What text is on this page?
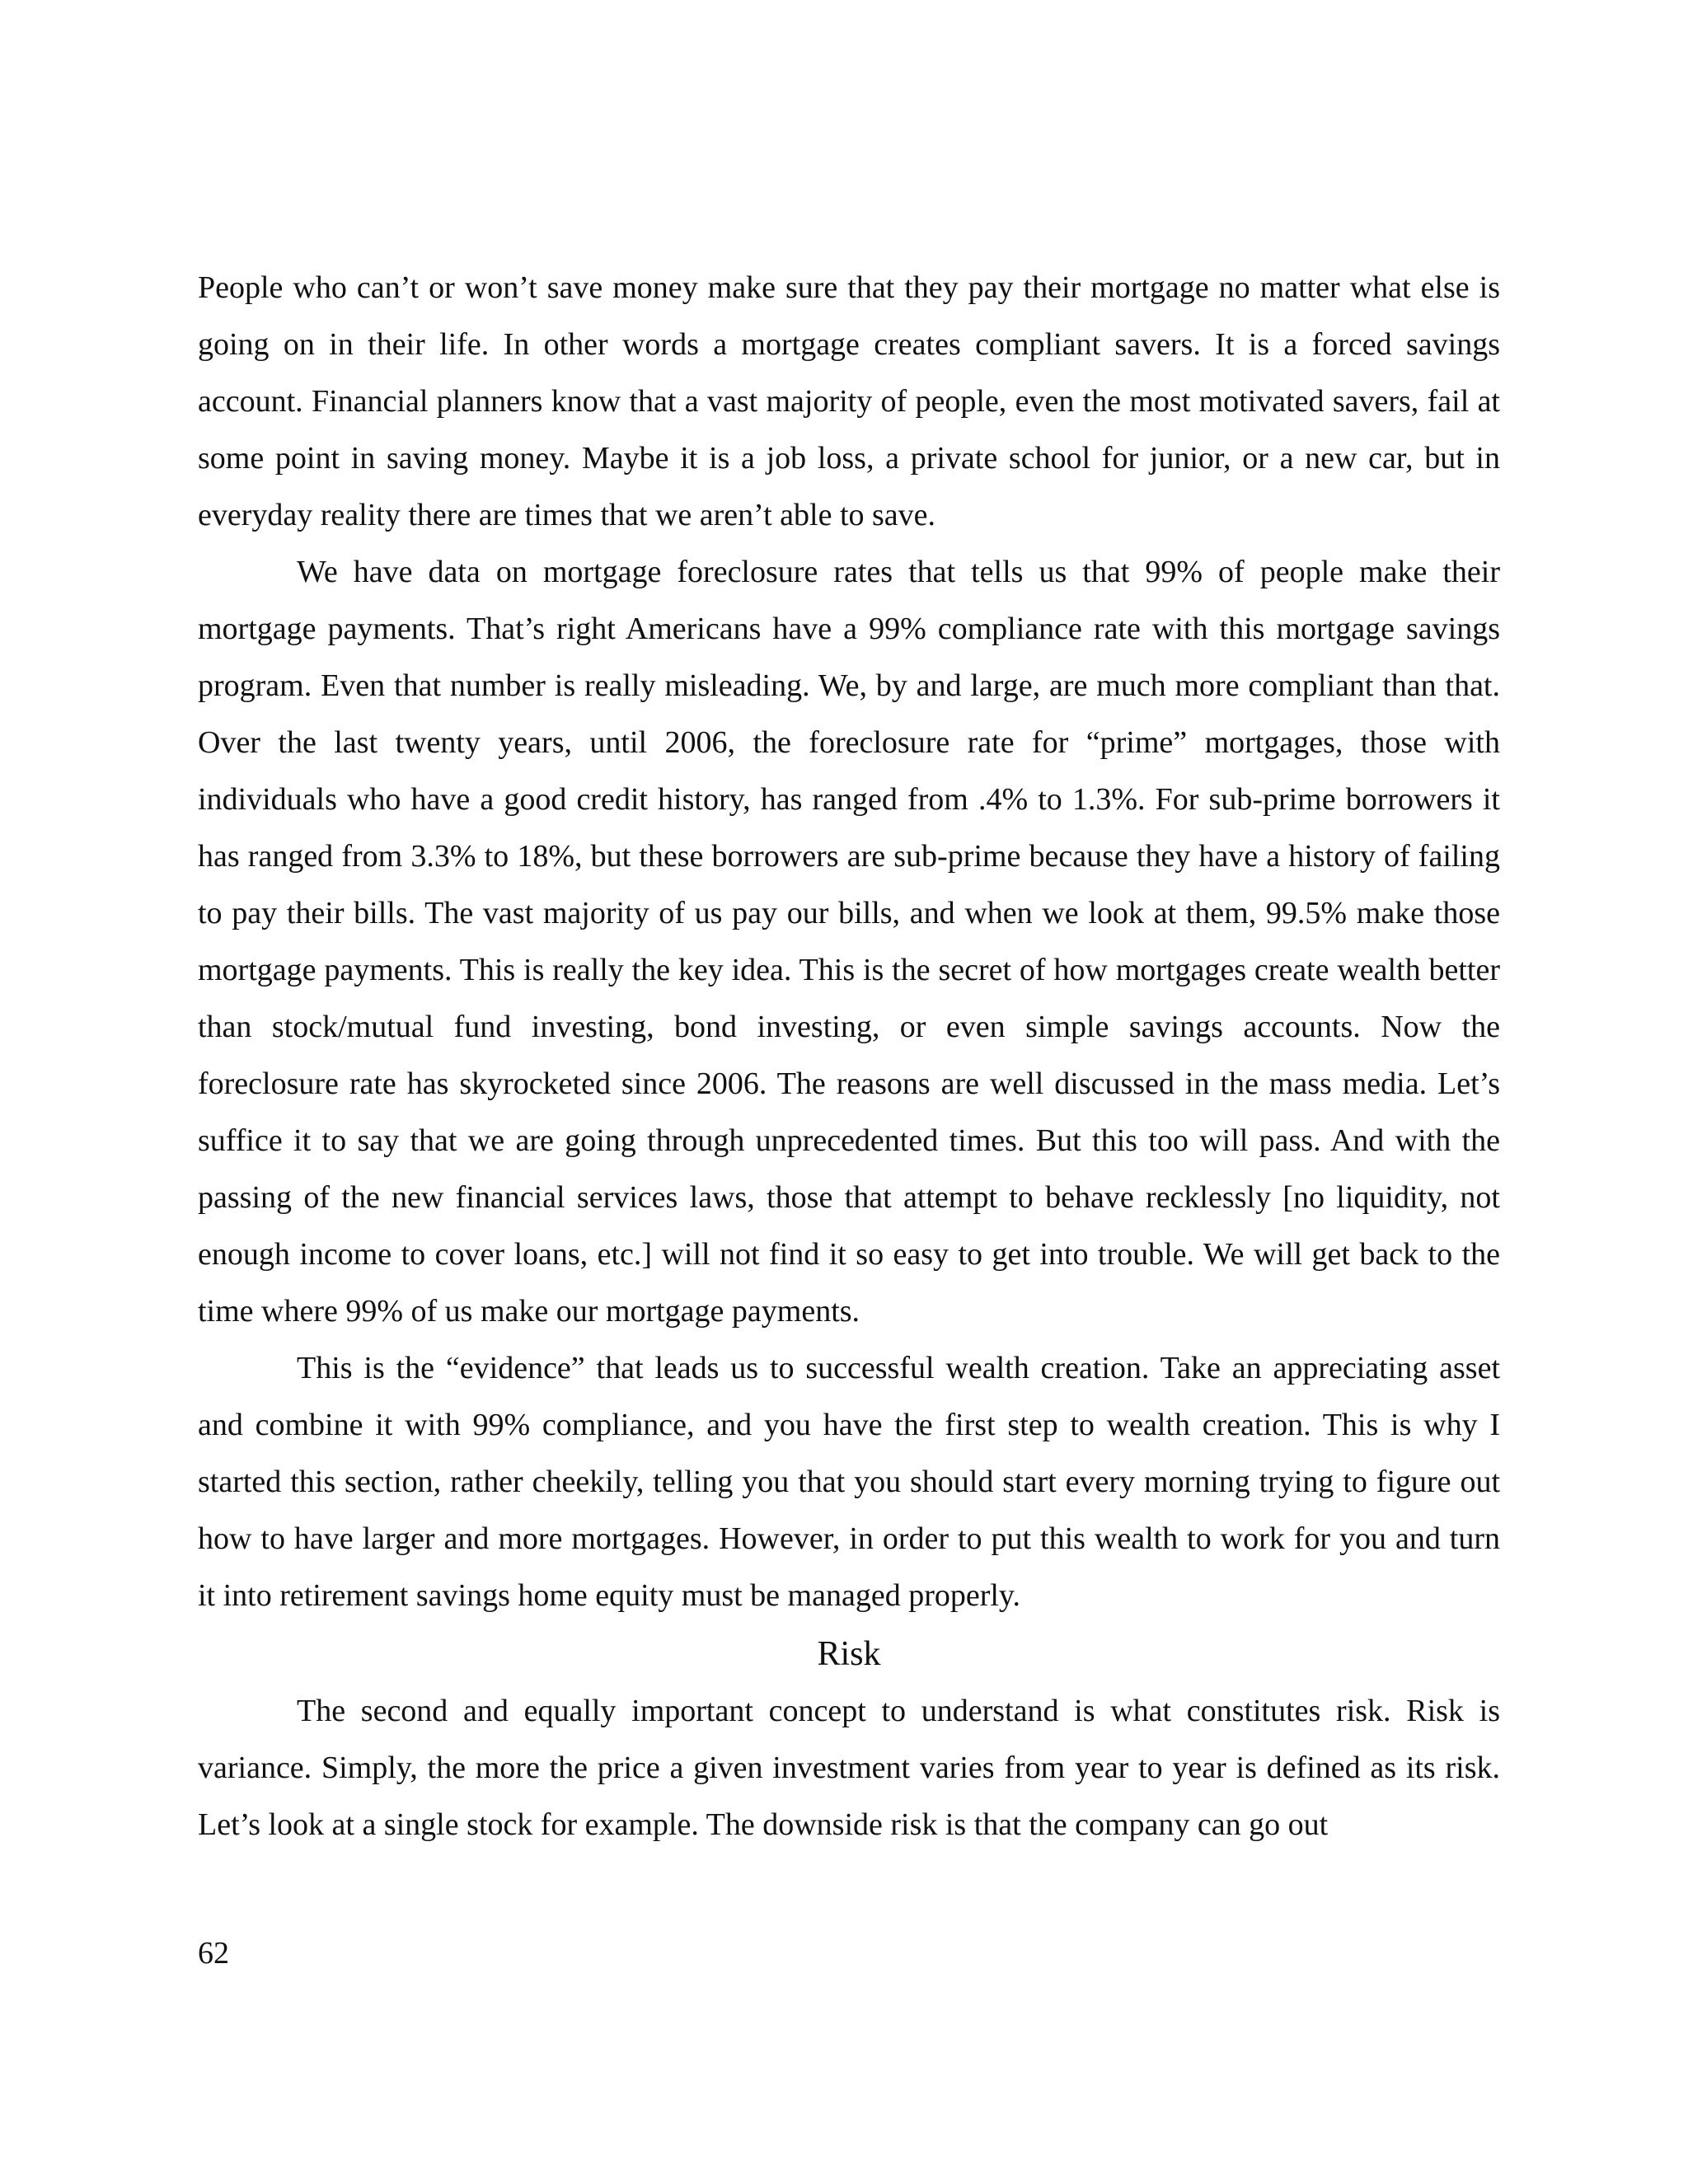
People who can’t or won’t save money make sure that they pay their mortgage no matter what else is going on in their life. In other words a mortgage creates compliant savers. It is a forced savings account. Financial planners know that a vast majority of people, even the most motivated savers, fail at some point in saving money. Maybe it is a job loss, a private school for junior, or a new car, but in everyday reality there are times that we aren’t able to save.

We have data on mortgage foreclosure rates that tells us that 99% of people make their mortgage payments. That’s right Americans have a 99% compliance rate with this mortgage savings program. Even that number is really misleading. We, by and large, are much more compliant than that. Over the last twenty years, until 2006, the foreclosure rate for “prime” mortgages, those with individuals who have a good credit history, has ranged from .4% to 1.3%. For sub-prime borrowers it has ranged from 3.3% to 18%, but these borrowers are sub-prime because they have a history of failing to pay their bills. The vast majority of us pay our bills, and when we look at them, 99.5% make those mortgage payments. This is really the key idea. This is the secret of how mortgages create wealth better than stock/mutual fund investing, bond investing, or even simple savings accounts. Now the foreclosure rate has skyrocketed since 2006. The reasons are well discussed in the mass media. Let’s suffice it to say that we are going through unprecedented times. But this too will pass. And with the passing of the new financial services laws, those that attempt to behave recklessly [no liquidity, not enough income to cover loans, etc.] will not find it so easy to get into trouble. We will get back to the time where 99% of us make our mortgage payments.

This is the “evidence” that leads us to successful wealth creation. Take an appreciating asset and combine it with 99% compliance, and you have the first step to wealth creation. This is why I started this section, rather cheekily, telling you that you should start every morning trying to figure out how to have larger and more mortgages. However, in order to put this wealth to work for you and turn it into retirement savings home equity must be managed properly.

Risk

The second and equally important concept to understand is what constitutes risk. Risk is variance. Simply, the more the price a given investment varies from year to year is defined as its risk. Let’s look at a single stock for example. The downside risk is that the company can go out

62
